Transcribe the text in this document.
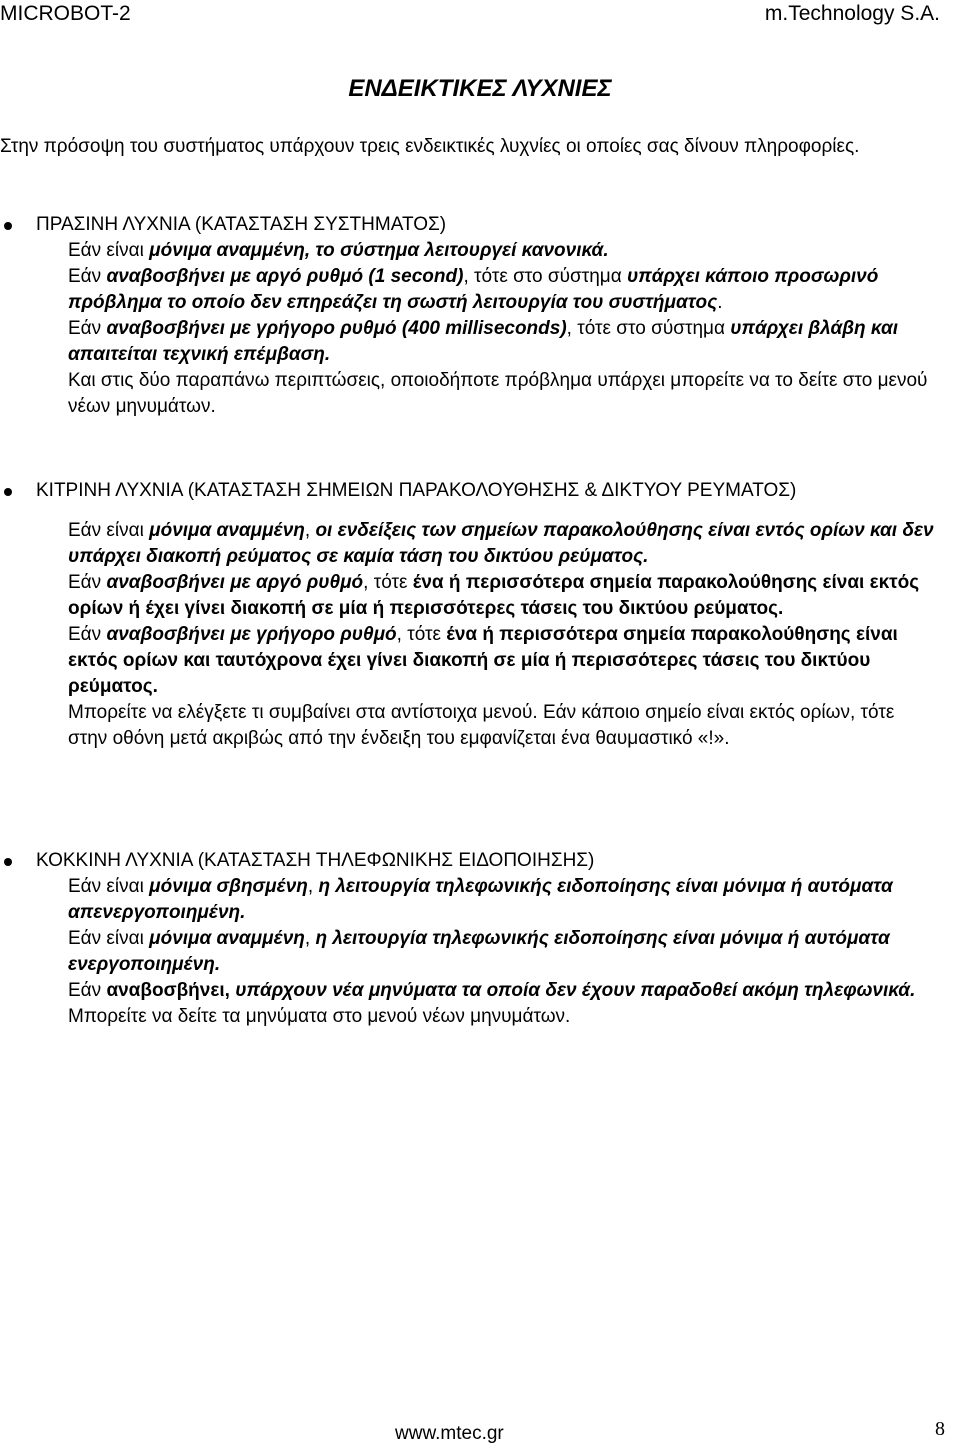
MICROBOT-2	m.Technology S.A.
ΕΝΔΕΙΚΤΙΚΕΣ ΛΥΧΝΙΕΣ
Στην πρόσοψη του συστήματος υπάρχουν τρεις ενδεικτικές λυχνίες οι οποίες σας δίνουν πληροφορίες.
ΠΡΑΣΙΝΗ ΛΥΧΝΙΑ (ΚΑΤΑΣΤΑΣΗ ΣΥΣΤΗΜΑΤΟΣ)
Εάν είναι μόνιμα αναμμένη, το σύστημα λειτουργεί κανονικά.
Εάν αναβοσβήνει με αργό ρυθμό (1 second), τότε στο σύστημα υπάρχει κάποιο προσωρινό πρόβλημα το οποίο δεν επηρεάζει τη σωστή λειτουργία του συστήματος.
Εάν αναβοσβήνει με γρήγορο ρυθμό (400 milliseconds), τότε στο σύστημα υπάρχει βλάβη και απαιτείται τεχνική επέμβαση.
Και στις δύο παραπάνω περιπτώσεις, οποιοδήποτε πρόβλημα υπάρχει μπορείτε να το δείτε στο μενού νέων μηνυμάτων.
ΚΙΤΡΙΝΗ ΛΥΧΝΙΑ (ΚΑΤΑΣΤΑΣΗ ΣΗΜΕΙΩΝ ΠΑΡΑΚΟΛΟΥΘΗΣΗΣ & ΔΙΚΤΥΟΥ ΡΕΥΜΑΤΟΣ)
Εάν είναι μόνιμα αναμμένη, οι ενδείξεις των σημείων παρακολούθησης είναι εντός ορίων και δεν υπάρχει διακοπή ρεύματος σε καμία τάση του δικτύου ρεύματος.
Εάν αναβοσβήνει με αργό ρυθμό, τότε ένα ή περισσότερα σημεία παρακολούθησης είναι εκτός ορίων ή έχει γίνει διακοπή σε μία ή περισσότερες τάσεις του δικτύου ρεύματος.
Εάν αναβοσβήνει με γρήγορο ρυθμό, τότε ένα ή περισσότερα σημεία παρακολούθησης είναι εκτός ορίων και ταυτόχρονα έχει γίνει διακοπή σε μία ή περισσότερες τάσεις του δικτύου ρεύματος.
Μπορείτε να ελέγξετε τι συμβαίνει στα αντίστοιχα μενού. Εάν κάποιο σημείο είναι εκτός ορίων, τότε στην οθόνη μετά ακριβώς από την ένδειξη του εμφανίζεται ένα θαυμαστικό «!».
ΚΟΚΚΙΝΗ ΛΥΧΝΙΑ (ΚΑΤΑΣΤΑΣΗ ΤΗΛΕΦΩΝΙΚΗΣ ΕΙΔΟΠΟΙΗΣΗΣ)
Εάν είναι μόνιμα σβησμένη, η λειτουργία τηλεφωνικής ειδοποίησης είναι μόνιμα ή αυτόματα απενεργοποιημένη.
Εάν είναι μόνιμα αναμμένη, η λειτουργία τηλεφωνικής ειδοποίησης είναι μόνιμα ή αυτόματα ενεργοποιημένη.
Εάν αναβοσβήνει, υπάρχουν νέα μηνύματα τα οποία δεν έχουν παραδοθεί ακόμη τηλεφωνικά.
Μπορείτε να δείτε τα μηνύματα στο μενού νέων μηνυμάτων.
www.mtec.gr	8
